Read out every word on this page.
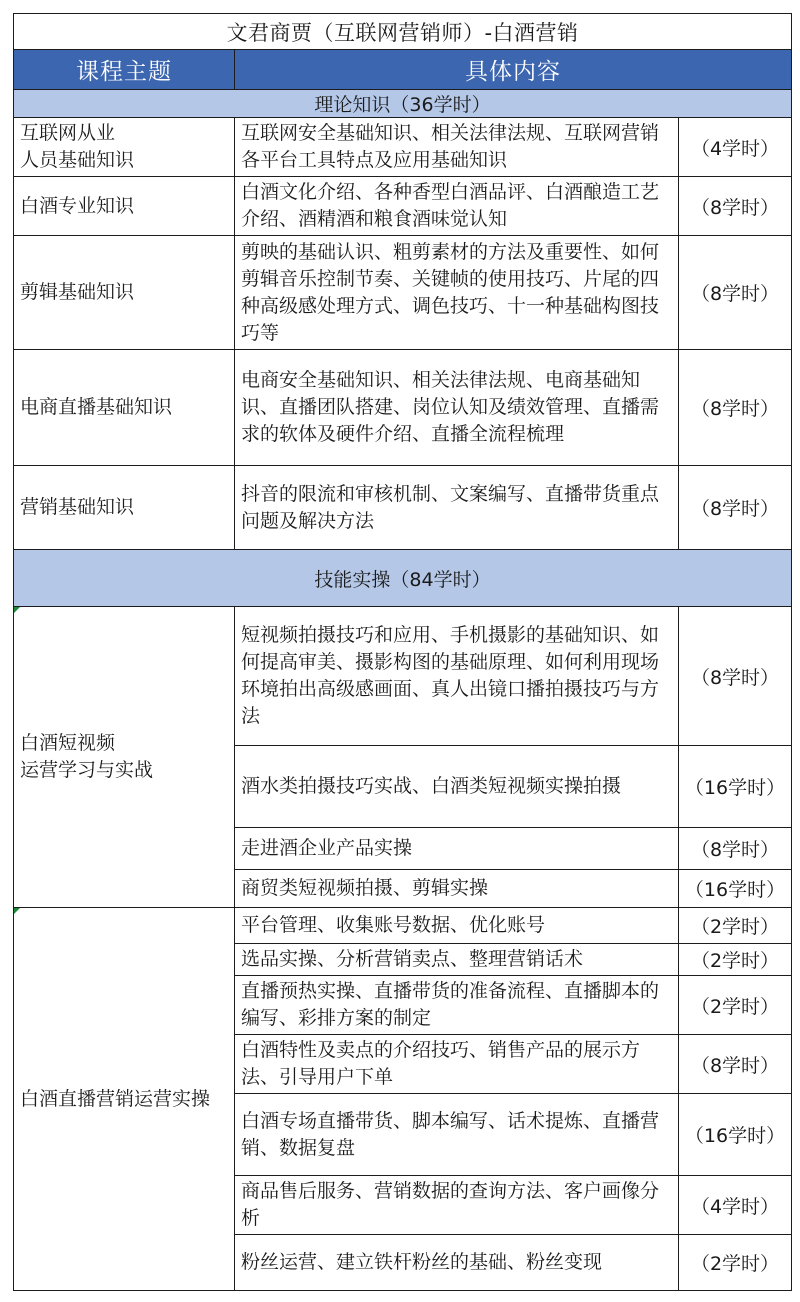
文君商贾（互联网营销师）-白酒营销		
课程主题	具体内容	
理论知识（36学时）		

互联网从业
人员基础知识	互联网安全基础知识、相关法律法规、互联网营销各平台工具特点及应用基础知识	（4学时）

白酒专业知识	白酒文化介绍、各种香型白酒品评、白酒酿造工艺介绍、酒精酒和粮食酒味觉认知	（8学时）

剪辑基础知识	剪映的基础认识、粗剪素材的方法及重要性、如何剪辑音乐控制节奏、关键帧的使用技巧、片尾的四种高级感处理方式、调色技巧、十一种基础构图技巧等	（8学时）

电商直播基础知识	电商安全基础知识、相关法律法规、电商基础知识、直播团队搭建、岗位认知及绩效管理、直播需求的软体及硬件介绍、直播全流程梳理	（8学时）

营销基础知识	抖音的限流和审核机制、文案编写、直播带货重点问题及解决方法	（8学时）
技能实操（84学时）		

白酒短视频
运营学习与实战	短视频拍摄技巧和应用、手机摄影的基础知识、如何提高审美、摄影构图的基础原理、如何利用现场环境拍出高级感画面、真人出镜口播拍摄技巧与方法	（8学时）
	酒水类拍摄技巧实战、白酒类短视频实操拍摄	（16学时）
	走进酒企业产品实操	（8学时）
	商贸类短视频拍摄、剪辑实操	（16学时）

白酒直播营销运营实操	平台管理、收集账号数据、优化账号	（2学时）
	选品实操、分析营销卖点、整理营销话术	（2学时）
	直播预热实操、直播带货的准备流程、直播脚本的编写、彩排方案的制定	（2学时）
	白酒特性及卖点的介绍技巧、销售产品的展示方法、引导用户下单	（8学时）
	白酒专场直播带货、脚本编写、话术提炼、直播营销、数据复盘	（16学时）
	商品售后服务、营销数据的查询方法、客户画像分析	（4学时）
	粉丝运营、建立铁杆粉丝的基础、粉丝变现	（2学时）
